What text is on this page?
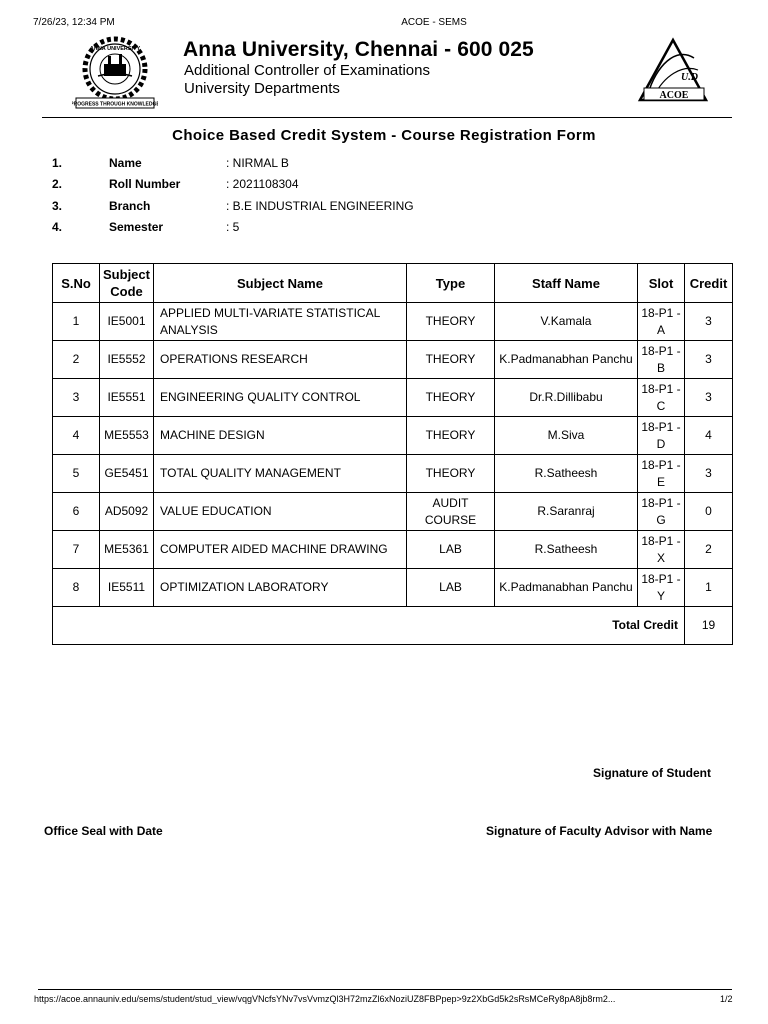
7/26/23, 12:34 PM	ACOE - SEMS
ANNA UNIVERSITY
PROGRESS THROUGH KNOWLEDGE
Anna University, Chennai - 600 025
Additional Controller of Examinations
University Departments
U.D
ACOE
Choice Based Credit System - Course Registration Form
1.	Name	: NIRMAL B
2.	Roll Number	: 2021108304
3.	Branch	: B.E INDUSTRIAL ENGINEERING
4.	Semester	: 5
S.No	Subject Code	Subject Name	Type	Staff Name	Slot	Credit
1	IE5001	APPLIED MULTI-VARIATE STATISTICAL ANALYSIS	THEORY	V.Kamala	18-P1 - A	3
2	IE5552	OPERATIONS RESEARCH	THEORY	K.Padmanabhan Panchu	18-P1 - B	3
3	IE5551	ENGINEERING QUALITY CONTROL	THEORY	Dr.R.Dillibabu	18-P1 - C	3
4	ME5553	MACHINE DESIGN	THEORY	M.Siva	18-P1 - D	4
5	GE5451	TOTAL QUALITY MANAGEMENT	THEORY	R.Satheesh	18-P1 - E	3
6	AD5092	VALUE EDUCATION	AUDIT COURSE	R.Saranraj	18-P1 - G	0
7	ME5361	COMPUTER AIDED MACHINE DRAWING	LAB	R.Satheesh	18-P1 - X	2
8	IE5511	OPTIMIZATION LABORATORY	LAB	K.Padmanabhan Panchu	18-P1 - Y	1
Total Credit						19
Signature of Student
Office Seal with Date	Signature of Faculty Advisor with Name
https://acoe.annauniv.edu/sems/student/stud_view/vqgVNcfsYNv7vsVvmzQl3H72mzZl6xNoziUZ8FBPpep>9z2XbGd5k2sRsMCeRy8pA8jb8rm2...	1/2
